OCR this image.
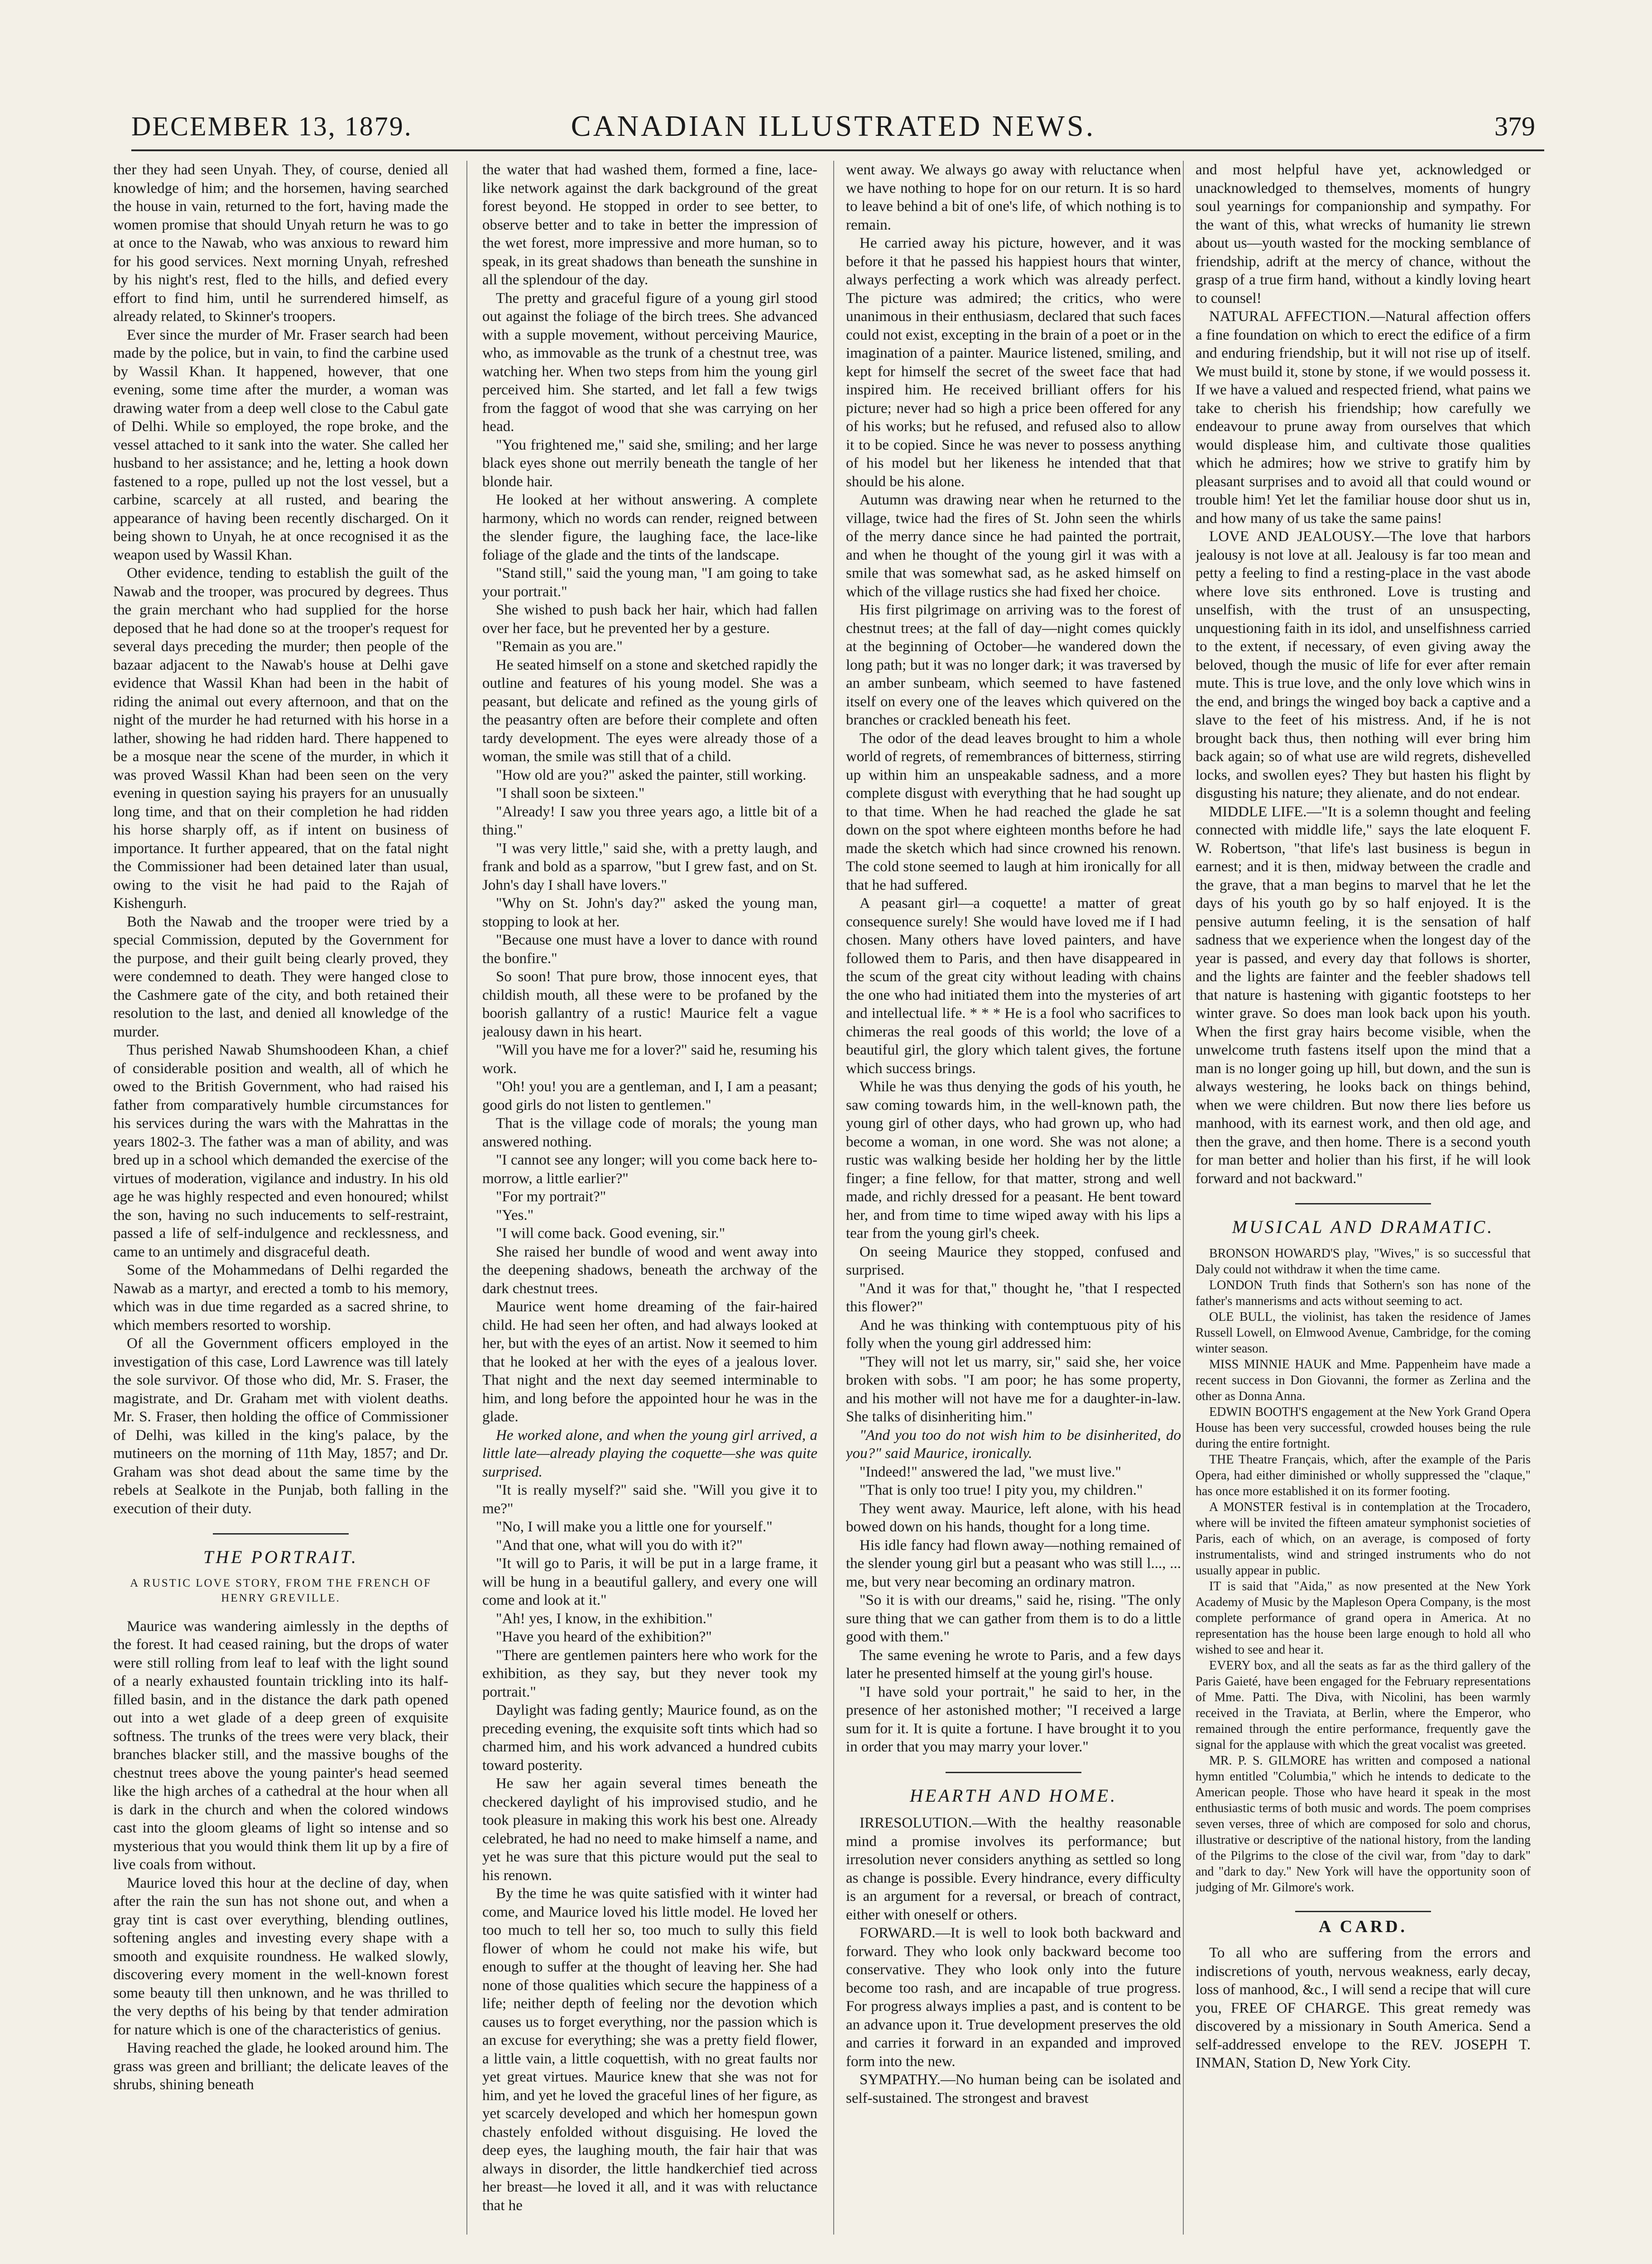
DECEMBER 13, 1879.	CANADIAN ILLUSTRATED NEWS.	379

ther they had seen Unyah. They, of course, denied all knowledge of him; and the horsemen, having searched the house in vain, returned to the fort, having made the women promise that should Unyah return he was to go at once to the Nawab, who was anxious to reward him for his good services. Next morning Unyah, refreshed by his night's rest, fled to the hills, and defied every effort to find him, until he surrendered himself, as already related, to Skinner's troopers.

Ever since the murder of Mr. Fraser search had been made by the police, but in vain, to find the carbine used by Wassil Khan. It happened, however, that one evening, some time after the murder, a woman was drawing water from a deep well close to the Cabul gate of Delhi. While so employed, the rope broke, and the vessel attached to it sank into the water. She called her husband to her assistance; and he, letting a hook down fastened to a rope, pulled up not the lost vessel, but a carbine, scarcely at all rusted, and bearing the appearance of having been recently discharged. On it being shown to Unyah, he at once recognised it as the weapon used by Wassil Khan.

Other evidence, tending to establish the guilt of the Nawab and the trooper, was procured by degrees. Thus the grain merchant who had supplied for the horse deposed that he had done so at the trooper's request for several days preceding the murder; then people of the bazaar adjacent to the Nawab's house at Delhi gave evidence that Wassil Khan had been in the habit of riding the animal out every afternoon, and that on the night of the murder he had returned with his horse in a lather, showing he had ridden hard. There happened to be a mosque near the scene of the murder, in which it was proved Wassil Khan had been seen on the very evening in question saying his prayers for an unusually long time, and that on their completion he had ridden his horse sharply off, as if intent on business of importance. It further appeared, that on the fatal night the Commissioner had been detained later than usual, owing to the visit he had paid to the Rajah of Kishengurh.

Both the Nawab and the trooper were tried by a special Commission, deputed by the Government for the purpose, and their guilt being clearly proved, they were condemned to death. They were hanged close to the Cashmere gate of the city, and both retained their resolution to the last, and denied all knowledge of the murder.

Thus perished Nawab Shumshoodeen Khan, a chief of considerable position and wealth, all of which he owed to the British Government, who had raised his father from comparatively humble circumstances for his services during the wars with the Mahrattas in the years 1802-3. The father was a man of ability, and was bred up in a school which demanded the exercise of the virtues of moderation, vigilance and industry. In his old age he was highly respected and even honoured; whilst the son, having no such inducements to self-restraint, passed a life of self-indulgence and recklessness, and came to an untimely and disgraceful death.

Some of the Mohammedans of Delhi regarded the Nawab as a martyr, and erected a tomb to his memory, which was in due time regarded as a sacred shrine, to which members resorted to worship.

Of all the Government officers employed in the investigation of this case, Lord Lawrence was till lately the sole survivor. Of those who did, Mr. S. Fraser, the magistrate, and Dr. Graham met with violent deaths. Mr. S. Fraser, then holding the office of Commissioner of Delhi, was killed in the king's palace, by the mutineers on the morning of 11th May, 1857; and Dr. Graham was shot dead about the same time by the rebels at Sealkote in the Punjab, both falling in the execution of their duty.

THE PORTRAIT.
A RUSTIC LOVE STORY, FROM THE FRENCH OF HENRY GREVILLE.

Maurice was wandering aimlessly in the depths of the forest. It had ceased raining, but the drops of water were still rolling from leaf to leaf with the light sound of a nearly exhausted fountain trickling into its half-filled basin, and in the distance the dark path opened out into a wet glade of a deep green of exquisite softness. The trunks of the trees were very black, their branches blacker still, and the massive boughs of the chestnut trees above the young painter's head seemed like the high arches of a cathedral at the hour when all is dark in the church and when the colored windows cast into the gloom gleams of light so intense and so mysterious that you would think them lit up by a fire of live coals from without.

Maurice loved this hour at the decline of day, when after the rain the sun has not shone out, and when a gray tint is cast over everything, blending outlines, softening angles and investing every shape with a smooth and exquisite roundness. He walked slowly, discovering every moment in the well-known forest some beauty till then unknown, and he was thrilled to the very depths of his being by that tender admiration for nature which is one of the characteristics of genius.

Having reached the glade, he looked around him. The grass was green and brilliant; the delicate leaves of the shrubs, shining beneath

the water that had washed them, formed a fine, lace-like network against the dark background of the great forest beyond. He stopped in order to see better, to observe better and to take in better the impression of the wet forest, more impressive and more human, so to speak, in its great shadows than beneath the sunshine in all the splendour of the day.

The pretty and graceful figure of a young girl stood out against the foliage of the birch trees. She advanced with a supple movement, without perceiving Maurice, who, as immovable as the trunk of a chestnut tree, was watching her. When two steps from him the young girl perceived him. She started, and let fall a few twigs from the faggot of wood that she was carrying on her head.

"You frightened me," said she, smiling; and her large black eyes shone out merrily beneath the tangle of her blonde hair.

He looked at her without answering. A complete harmony, which no words can render, reigned between the slender figure, the laughing face, the lace-like foliage of the glade and the tints of the landscape.

"Stand still," said the young man, "I am going to take your portrait."

She wished to push back her hair, which had fallen over her face, but he prevented her by a gesture.

"Remain as you are."

He seated himself on a stone and sketched rapidly the outline and features of his young model. She was a peasant, but delicate and refined as the young girls of the peasantry often are before their complete and often tardy development. The eyes were already those of a woman, the smile was still that of a child.

"How old are you?" asked the painter, still working.

"I shall soon be sixteen."

"Already! I saw you three years ago, a little bit of a thing."

"I was very little," said she, with a pretty laugh, and frank and bold as a sparrow, "but I grew fast, and on St. John's day I shall have lovers."

"Why on St. John's day?" asked the young man, stopping to look at her.

"Because one must have a lover to dance with round the bonfire."

So soon! That pure brow, those innocent eyes, that childish mouth, all these were to be profaned by the boorish gallantry of a rustic! Maurice felt a vague jealousy dawn in his heart.

"Will you have me for a lover?" said he, resuming his work.

"Oh! you! you are a gentleman, and I, I am a peasant; good girls do not listen to gentlemen."

That is the village code of morals; the young man answered nothing.

"I cannot see any longer; will you come back here to-morrow, a little earlier?"

"For my portrait?"

"Yes."

"I will come back. Good evening, sir."

She raised her bundle of wood and went away into the deepening shadows, beneath the archway of the dark chestnut trees.

Maurice went home dreaming of the fair-haired child. He had seen her often, and had always looked at her, but with the eyes of an artist. Now it seemed to him that he looked at her with the eyes of a jealous lover. That night and the next day seemed interminable to him, and long before the appointed hour he was in the glade.

He worked alone, and when the young girl arrived, a little late—already playing the coquette—she was quite surprised.

"It is really myself?" said she. "Will you give it to me?"

"No, I will make you a little one for yourself."

"And that one, what will you do with it?"

"It will go to Paris, it will be put in a large frame, it will be hung in a beautiful gallery, and every one will come and look at it."

"Ah! yes, I know, in the exhibition."

"Have you heard of the exhibition?"

"There are gentlemen painters here who work for the exhibition, as they say, but they never took my portrait."

Daylight was fading gently; Maurice found, as on the preceding evening, the exquisite soft tints which had so charmed him, and his work advanced a hundred cubits toward posterity.

He saw her again several times beneath the checkered daylight of his improvised studio, and he took pleasure in making this work his best one. Already celebrated, he had no need to make himself a name, and yet he was sure that this picture would put the seal to his renown.

By the time he was quite satisfied with it winter had come, and Maurice loved his little model. He loved her too much to tell her so, too much to sully this field flower of whom he could not make his wife, but enough to suffer at the thought of leaving her. She had none of those qualities which secure the happiness of a life; neither depth of feeling nor the devotion which causes us to forget everything, nor the passion which is an excuse for everything; she was a pretty field flower, a little vain, a little coquettish, with no great faults nor yet great virtues. Maurice knew that she was not for him, and yet he loved the graceful lines of her figure, as yet scarcely developed and which her homespun gown chastely enfolded without disguising. He loved the deep eyes, the laughing mouth, the fair hair that was always in disorder, the little handkerchief tied across her breast—he loved it all, and it was with reluctance that he

went away. We always go away with reluctance when we have nothing to hope for on our return. It is so hard to leave behind a bit of one's life, of which nothing is to remain.

He carried away his picture, however, and it was before it that he passed his happiest hours that winter, always perfecting a work which was already perfect. The picture was admired; the critics, who were unanimous in their enthusiasm, declared that such faces could not exist, excepting in the brain of a poet or in the imagination of a painter. Maurice listened, smiling, and kept for himself the secret of the sweet face that had inspired him. He received brilliant offers for his picture; never had so high a price been offered for any of his works; but he refused, and refused also to allow it to be copied. Since he was never to possess anything of his model but her likeness he intended that that should be his alone.

Autumn was drawing near when he returned to the village, twice had the fires of St. John seen the whirls of the merry dance since he had painted the portrait, and when he thought of the young girl it was with a smile that was somewhat sad, as he asked himself on which of the village rustics she had fixed her choice.

His first pilgrimage on arriving was to the forest of chestnut trees; at the fall of day—night comes quickly at the beginning of October—he wandered down the long path; but it was no longer dark; it was traversed by an amber sunbeam, which seemed to have fastened itself on every one of the leaves which quivered on the branches or crackled beneath his feet.

The odor of the dead leaves brought to him a whole world of regrets, of remembrances of bitterness, stirring up within him an unspeakable sadness, and a more complete disgust with everything that he had sought up to that time. When he had reached the glade he sat down on the spot where eighteen months before he had made the sketch which had since crowned his renown. The cold stone seemed to laugh at him ironically for all that he had suffered.

A peasant girl—a coquette! a matter of great consequence surely! She would have loved me if I had chosen. Many others have loved painters, and have followed them to Paris, and then have disappeared in the scum of the great city without leading with chains the one who had initiated them into the mysteries of art and intellectual life. * * * He is a fool who sacrifices to chimeras the real goods of this world; the love of a beautiful girl, the glory which talent gives, the fortune which success brings.

While he was thus denying the gods of his youth, he saw coming towards him, in the well-known path, the young girl of other days, who had grown up, who had become a woman, in one word. She was not alone; a rustic was walking beside her holding her by the little finger; a fine fellow, for that matter, strong and well made, and richly dressed for a peasant. He bent toward her, and from time to time wiped away with his lips a tear from the young girl's cheek.

On seeing Maurice they stopped, confused and surprised.

"And it was for that," thought he, "that I respected this flower?"

And he was thinking with contemptuous pity of his folly when the young girl addressed him:

"They will not let us marry, sir," said she, her voice broken with sobs. "I am poor; he has some property, and his mother will not have me for a daughter-in-law. She talks of disinheriting him."

"And you too do not wish him to be disinherited, do you?" said Maurice, ironically.

"Indeed!" answered the lad, "we must live."

"That is only too true! I pity you, my children."

They went away. Maurice, left alone, with his head bowed down on his hands, thought for a long time.

His idle fancy had flown away—nothing remained of the slender young girl but a peasant who was still l..., ... me, but very near becoming an ordinary matron.

"So it is with our dreams," said he, rising. "The only sure thing that we can gather from them is to do a little good with them."

The same evening he wrote to Paris, and a few days later he presented himself at the young girl's house.

"I have sold your portrait," he said to her, in the presence of her astonished mother; "I received a large sum for it. It is quite a fortune. I have brought it to you in order that you may marry your lover."

HEARTH AND HOME.

IRRESOLUTION.—With the healthy reasonable mind a promise involves its performance; but irresolution never considers anything as settled so long as change is possible. Every hindrance, every difficulty is an argument for a reversal, or breach of contract, either with oneself or others.

FORWARD.—It is well to look both backward and forward. They who look only backward become too conservative. They who look only into the future become too rash, and are incapable of true progress. For progress always implies a past, and is content to be an advance upon it. True development preserves the old and carries it forward in an expanded and improved form into the new.

SYMPATHY.—No human being can be isolated and self-sustained. The strongest and bravest

and most helpful have yet, acknowledged or unacknowledged to themselves, moments of hungry soul yearnings for companionship and sympathy. For the want of this, what wrecks of humanity lie strewn about us—youth wasted for the mocking semblance of friendship, adrift at the mercy of chance, without the grasp of a true firm hand, without a kindly loving heart to counsel!

NATURAL AFFECTION.—Natural affection offers a fine foundation on which to erect the edifice of a firm and enduring friendship, but it will not rise up of itself. We must build it, stone by stone, if we would possess it. If we have a valued and respected friend, what pains we take to cherish his friendship; how carefully we endeavour to prune away from ourselves that which would displease him, and cultivate those qualities which he admires; how we strive to gratify him by pleasant surprises and to avoid all that could wound or trouble him! Yet let the familiar house door shut us in, and how many of us take the same pains!

LOVE AND JEALOUSY.—The love that harbors jealousy is not love at all. Jealousy is far too mean and petty a feeling to find a resting-place in the vast abode where love sits enthroned. Love is trusting and unselfish, with the trust of an unsuspecting, unquestioning faith in its idol, and unselfishness carried to the extent, if necessary, of even giving away the beloved, though the music of life for ever after remain mute. This is true love, and the only love which wins in the end, and brings the winged boy back a captive and a slave to the feet of his mistress. And, if he is not brought back thus, then nothing will ever bring him back again; so of what use are wild regrets, dishevelled locks, and swollen eyes? They but hasten his flight by disgusting his nature; they alienate, and do not endear.

MIDDLE LIFE.—"It is a solemn thought and feeling connected with middle life," says the late eloquent F. W. Robertson, "that life's last business is begun in earnest; and it is then, midway between the cradle and the grave, that a man begins to marvel that he let the days of his youth go by so half enjoyed. It is the pensive autumn feeling, it is the sensation of half sadness that we experience when the longest day of the year is passed, and every day that follows is shorter, and the lights are fainter and the feebler shadows tell that nature is hastening with gigantic footsteps to her winter grave. So does man look back upon his youth. When the first gray hairs become visible, when the unwelcome truth fastens itself upon the mind that a man is no longer going up hill, but down, and the sun is always westering, he looks back on things behind, when we were children. But now there lies before us manhood, with its earnest work, and then old age, and then the grave, and then home. There is a second youth for man better and holier than his first, if he will look forward and not backward."

MUSICAL AND DRAMATIC.

BRONSON HOWARD'S play, "Wives," is so successful that Daly could not withdraw it when the time came.

LONDON Truth finds that Sothern's son has none of the father's mannerisms and acts without seeming to act.

OLE BULL, the violinist, has taken the residence of James Russell Lowell, on Elmwood Avenue, Cambridge, for the coming winter season.

MISS MINNIE HAUK and Mme. Pappenheim have made a recent success in Don Giovanni, the former as Zerlina and the other as Donna Anna.

EDWIN BOOTH'S engagement at the New York Grand Opera House has been very successful, crowded houses being the rule during the entire fortnight.

THE Theatre Français, which, after the example of the Paris Opera, had either diminished or wholly suppressed the "claque," has once more established it on its former footing.

A MONSTER festival is in contemplation at the Trocadero, where will be invited the fifteen amateur symphonist societies of Paris, each of which, on an average, is composed of forty instrumentalists, wind and stringed instruments who do not usually appear in public.

IT is said that "Aida," as now presented at the New York Academy of Music by the Mapleson Opera Company, is the most complete performance of grand opera in America. At no representation has the house been large enough to hold all who wished to see and hear it.

EVERY box, and all the seats as far as the third gallery of the Paris Gaieté, have been engaged for the February representations of Mme. Patti. The Diva, with Nicolini, has been warmly received in the Traviata, at Berlin, where the Emperor, who remained through the entire performance, frequently gave the signal for the applause with which the great vocalist was greeted.

MR. P. S. GILMORE has written and composed a national hymn entitled "Columbia," which he intends to dedicate to the American people. Those who have heard it speak in the most enthusiastic terms of both music and words. The poem comprises seven verses, three of which are composed for solo and chorus, illustrative or descriptive of the national history, from the landing of the Pilgrims to the close of the civil war, from "day to dark" and "dark to day." New York will have the opportunity soon of judging of Mr. Gilmore's work.

A CARD.

To all who are suffering from the errors and indiscretions of youth, nervous weakness, early decay, loss of manhood, &c., I will send a recipe that will cure you, FREE OF CHARGE. This great remedy was discovered by a missionary in South America. Send a self-addressed envelope to the REV. JOSEPH T. INMAN, Station D, New York City.
